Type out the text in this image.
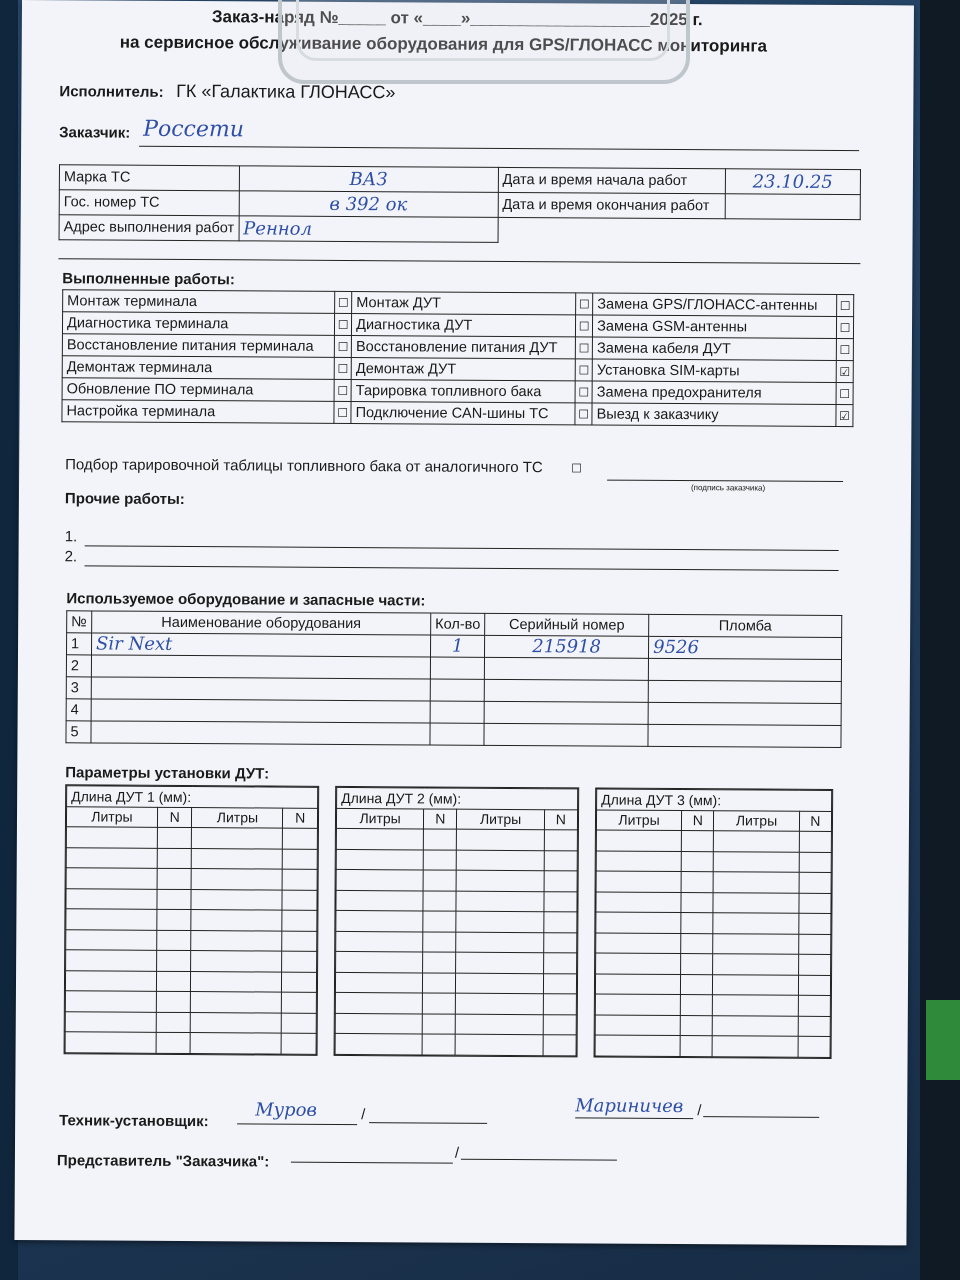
Заказ-наряд №_____ от «____»___________________2025 г.
на сервисное обслуживание оборудования для GPS/ГЛОНАСС мониторинга
Исполнитель: ГК «Галактика ГЛОНАСС»
Заказчик: Россети
Марка ТС	ВАЗ	Дата и время начала работ	23.10.25
Гос. номер ТС	в 392 ок	Дата и время окончания работ	
Адрес выполнения работ	Реннол		
Выполненные работы:
Монтаж терминала	☐	Монтаж ДУТ	☐	Замена GPS/ГЛОНАСС-антенны	☐
Диагностика терминала	☐	Диагностика ДУТ	☐	Замена GSM-антенны	☐
Восстановление питания терминала	☐	Восстановление питания ДУТ	☐	Замена кабеля ДУТ	☐
Демонтаж терминала	☐	Демонтаж ДУТ	☐	Установка SIM-карты	☑
Обновление ПО терминала	☐	Тарировка топливного бака	☐	Замена предохранителя	☐
Настройка терминала	☐	Подключение CAN-шины ТС	☐	Выезд к заказчику	☑
Подбор тарировочной таблицы топливного бака от аналогичного ТС ☐
(подпись заказчика)
Прочие работы:
1.
2.
Используемое оборудование и запасные части:
№	Наименование оборудования	Кол-во	Серийный номер	Пломба
1	Sir Next	1	215918	9526
2				
3				
4				
5				
Параметры установки ДУТ:
Длина ДУТ 1 (мм):			
Литры	N	Литры	N

Длина ДУТ 2 (мм):			
Литры	N	Литры	N

Длина ДУТ 3 (мм):			
Литры	N	Литры	N

Техник-установщик:
Муров	/	Мариничев /
Представитель "Заказчика":	/
